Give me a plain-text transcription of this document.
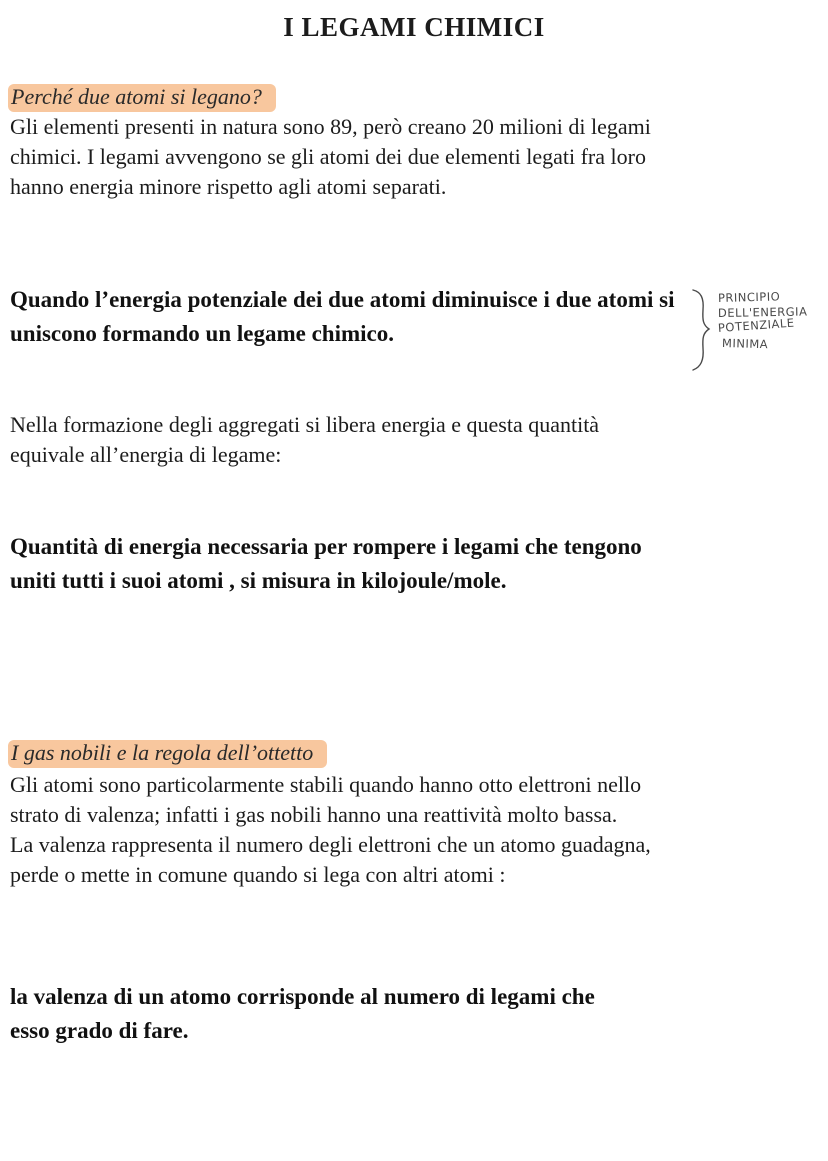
I LEGAMI CHIMICI
Perché due atomi si legano?
Gli elementi presenti in natura sono 89, però creano 20 milioni di legami chimici. I legami avvengono se gli atomi dei due elementi legati fra loro hanno energia minore rispetto agli atomi separati.
Quando l’energia potenziale dei due atomi diminuisce i due atomi si uniscono formando un legame chimico.
PRINCIPIO
DELL'ENERGIA
POTENZIALE
MINIMA
Nella formazione degli aggregati si libera energia e questa quantità equivale all’energia di legame:
Quantità di energia necessaria per rompere i legami che tengono uniti tutti i suoi atomi , si misura in kilojoule/mole.
I gas nobili e la regola dell’ottetto
Gli atomi sono particolarmente stabili quando hanno otto elettroni nello strato di valenza; infatti i gas nobili hanno una reattività molto bassa.
La valenza rappresenta il numero degli elettroni che un atomo guadagna, perde o mette in comune quando si lega con altri atomi :
la valenza di un atomo corrisponde al numero di legami che esso grado di fare.
